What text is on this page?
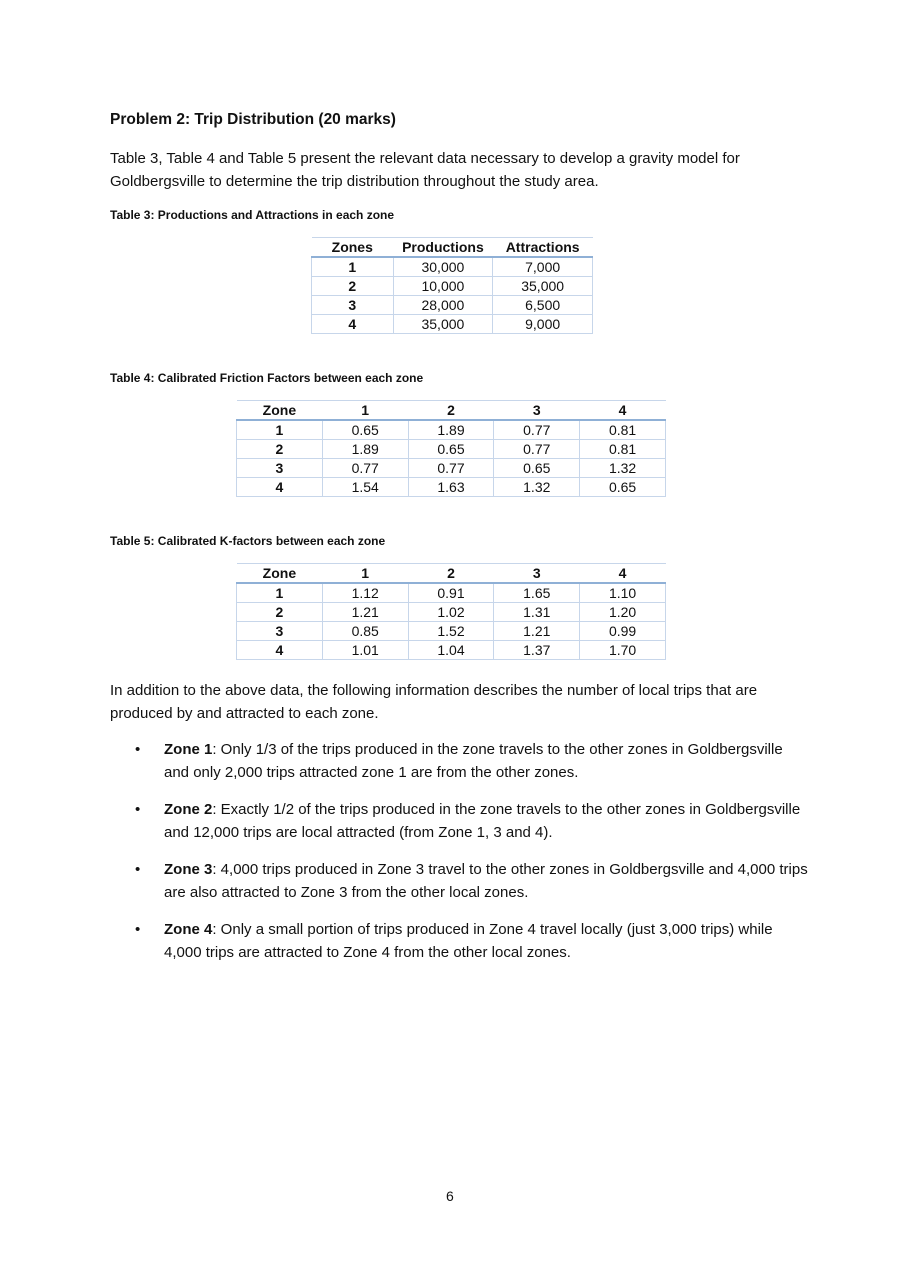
Problem 2: Trip Distribution (20 marks)
Table 3, Table 4 and Table 5 present the relevant data necessary to develop a gravity model for Goldbergsville to determine the trip distribution throughout the study area.
Table 3: Productions and Attractions in each zone
Zones	Productions	Attractions
1	30,000	7,000
2	10,000	35,000
3	28,000	6,500
4	35,000	9,000
Table 4: Calibrated Friction Factors between each zone
Zone	1	2	3	4
1	0.65	1.89	0.77	0.81
2	1.89	0.65	0.77	0.81
3	0.77	0.77	0.65	1.32
4	1.54	1.63	1.32	0.65
Table 5: Calibrated K-factors between each zone
Zone	1	2	3	4
1	1.12	0.91	1.65	1.10
2	1.21	1.02	1.31	1.20
3	0.85	1.52	1.21	0.99
4	1.01	1.04	1.37	1.70
In addition to the above data, the following information describes the number of local trips that are produced by and attracted to each zone.
• Zone 1: Only 1/3 of the trips produced in the zone travels to the other zones in Goldbergsville and only 2,000 trips attracted zone 1 are from the other zones.
• Zone 2: Exactly 1/2 of the trips produced in the zone travels to the other zones in Goldbergsville and 12,000 trips are local attracted (from Zone 1, 3 and 4).
• Zone 3: 4,000 trips produced in Zone 3 travel to the other zones in Goldbergsville and 4,000 trips are also attracted to Zone 3 from the other local zones.
• Zone 4: Only a small portion of trips produced in Zone 4 travel locally (just 3,000 trips) while 4,000 trips are attracted to Zone 4 from the other local zones.
6
